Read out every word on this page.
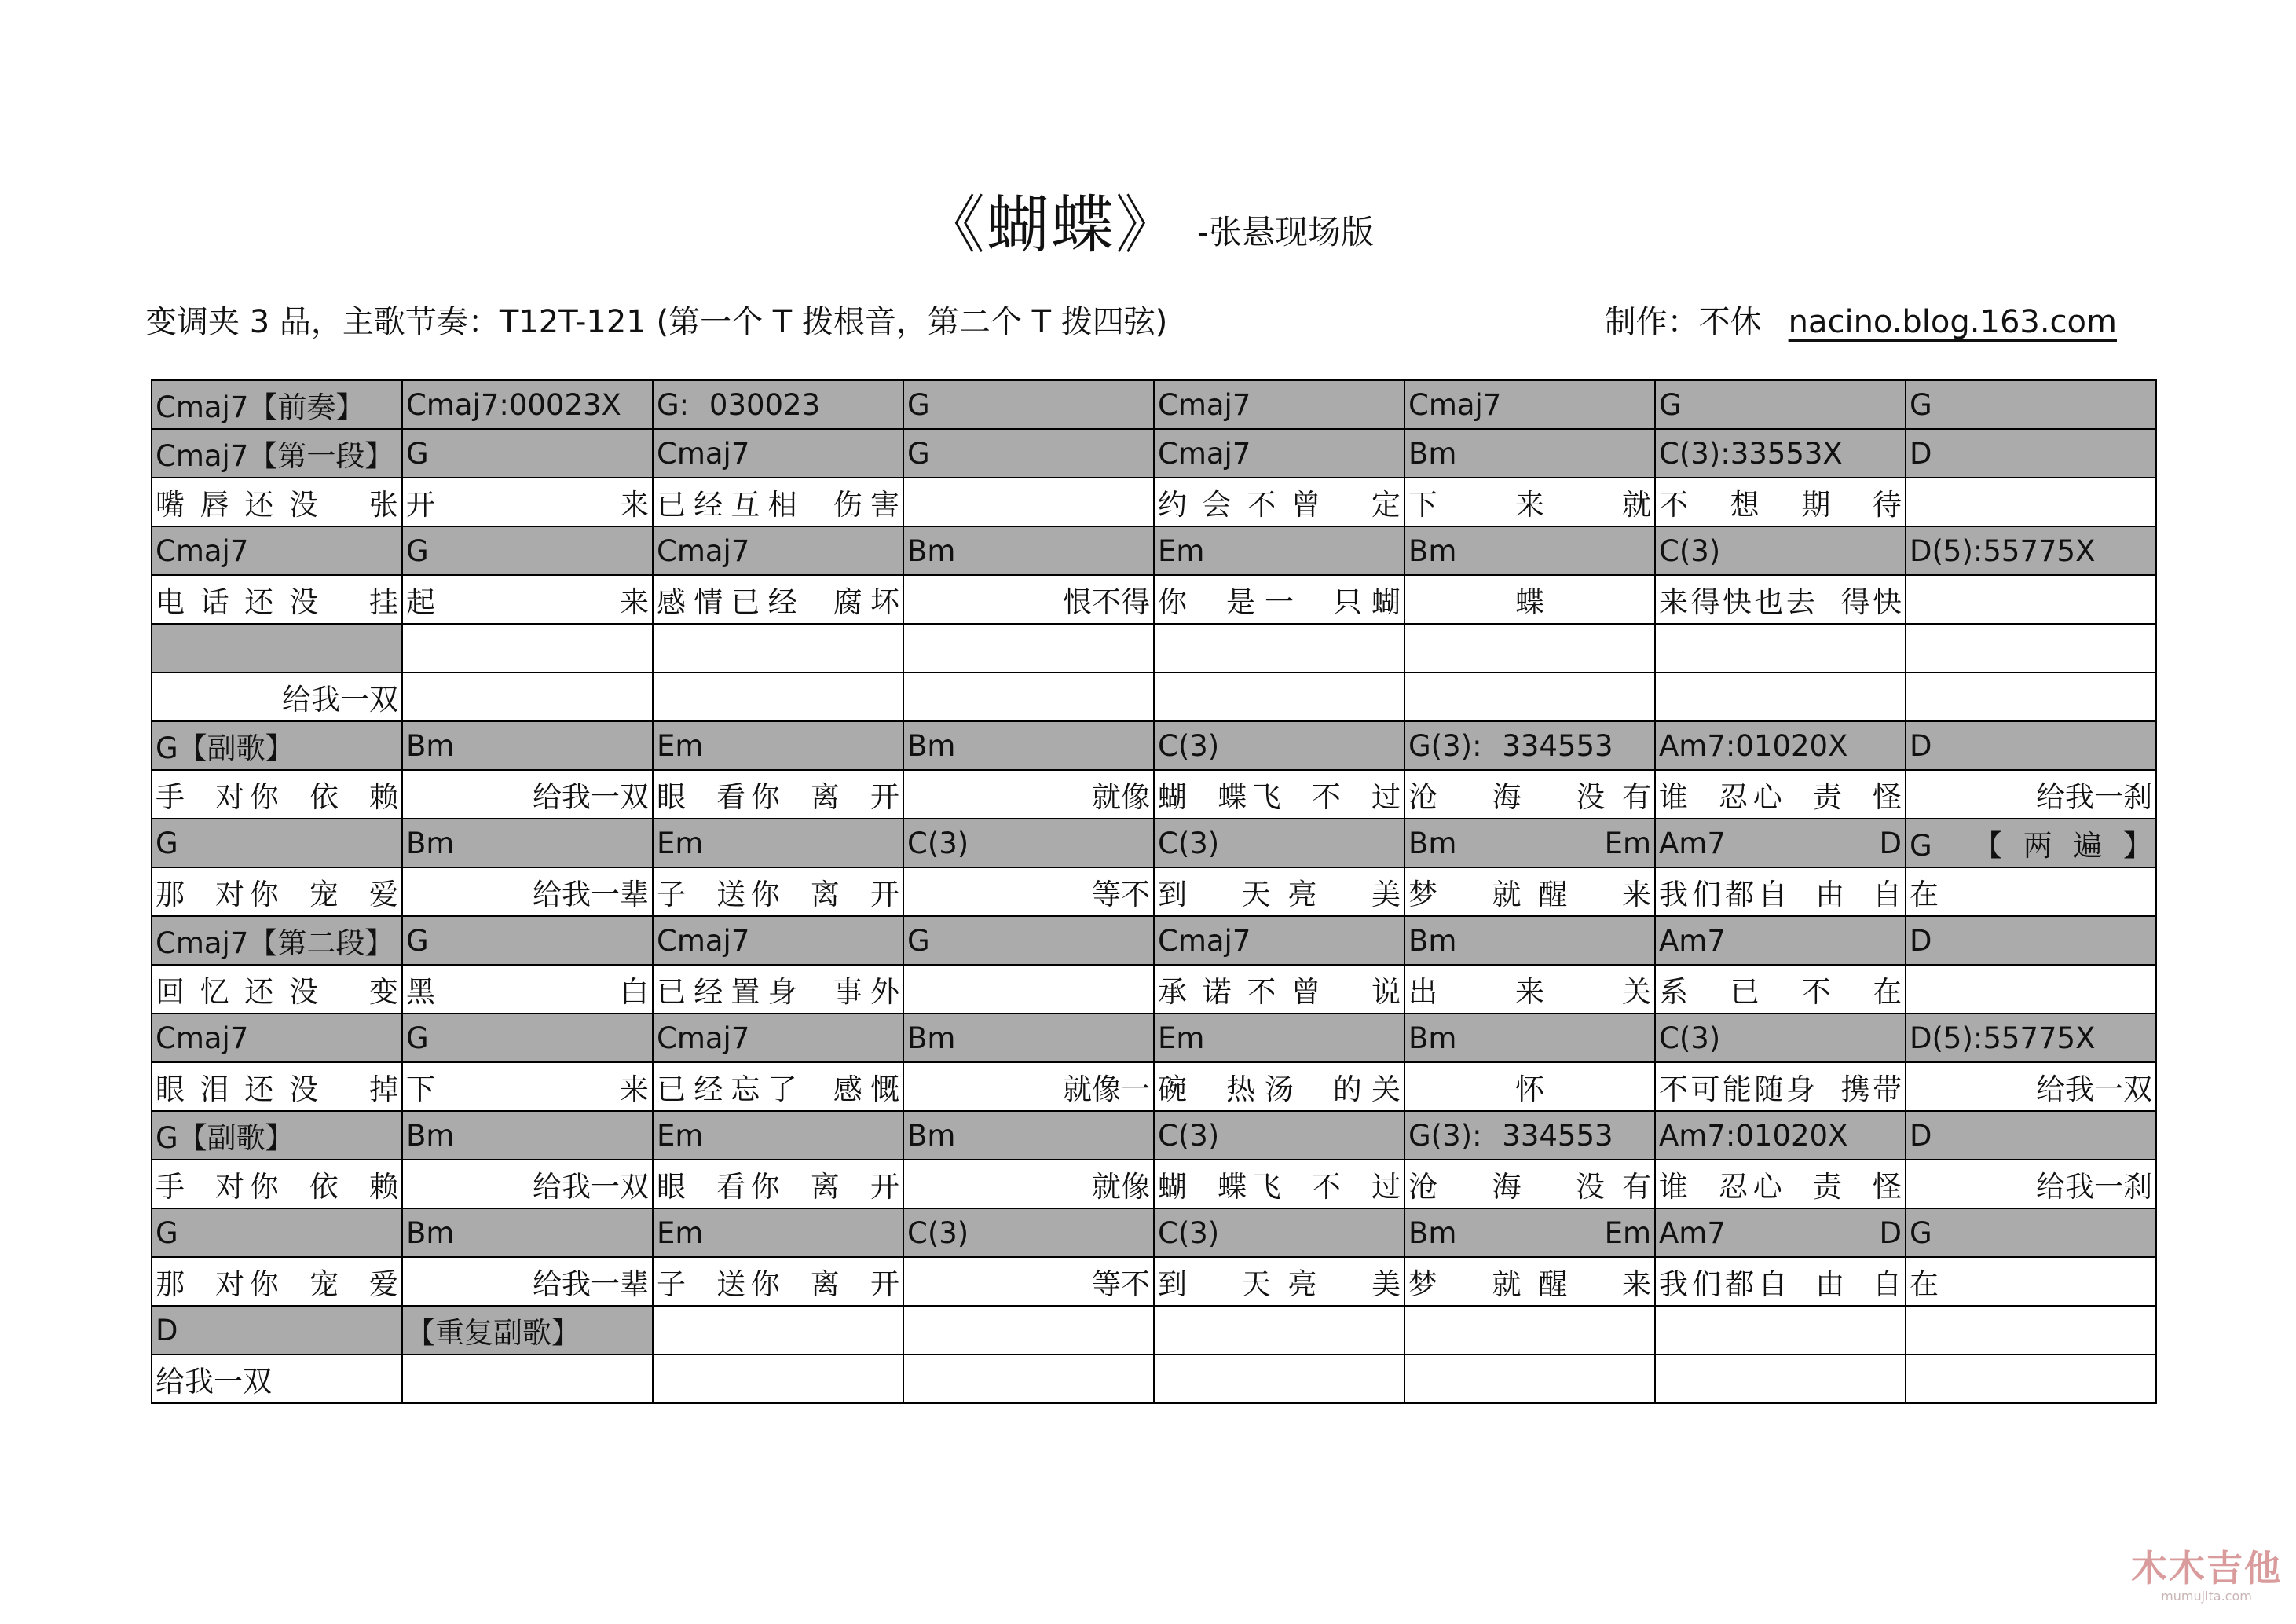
《蝴蝶》 -张悬现场版
变调夹 3 品，主歌节奏：T12T-121 (第一个 T 拨根音，第二个 T 拨四弦)	制作：不休 nacino.blog.163.com
Cmaj7【前奏】	Cmaj7:00023X	G: 030023	G	Cmaj7	Cmaj7	G	G
Cmaj7【第一段】	G	Cmaj7	G	Cmaj7	Bm	C(3):33553X	D
嘴唇还没 张	开 来	已经互相 伤害		约会不曾 定	下 来 就	不 想 期 待	
Cmaj7	G	Cmaj7	Bm	Em	Bm	C(3)	D(5):55775X
电话还没 挂	起 来	感情已经 腐坏	恨不得	你 是一 只蝴	蝶	来得快也去 得快	

给我一双							
G【副歌】	Bm	Em	Bm	C(3)	G(3): 334553	Am7:01020X	D
手 对你 依 赖	给我一双	眼 看你 离 开	就像	蝴 蝶飞 不 过	沧 海 没有	谁 忍心 责 怪	给我一刹
G	Bm	Em	C(3)	C(3)	Bm Em	Am7 D	G 【两遍】
那 对你 宠 爱	给我一辈	子 送你 离 开	等不	到 天亮 美	梦 就醒 来	我们都自 由 自	在
Cmaj7【第二段】	G	Cmaj7	G	Cmaj7	Bm	Am7	D
回忆还没 变	黑 白	已经置身 事外		承诺不曾 说	出 来 关	系 已 不 在	
Cmaj7	G	Cmaj7	Bm	Em	Bm	C(3)	D(5):55775X
眼泪还没 掉	下 来	已经忘了 感慨	就像一	碗 热汤 的关	怀	不可能随身 携带	给我一双
G【副歌】	Bm	Em	Bm	C(3)	G(3): 334553	Am7:01020X	D
手 对你 依 赖	给我一双	眼 看你 离 开	就像	蝴 蝶飞 不 过	沧 海 没有	谁 忍心 责 怪	给我一刹
G	Bm	Em	C(3)	C(3)	Bm Em	Am7 D	G
那 对你 宠 爱	给我一辈	子 送你 离 开	等不	到 天亮 美	梦 就醒 来	我们都自 由 自	在
D	【重复副歌】						
给我一双							
木木吉他
mumujita.com
